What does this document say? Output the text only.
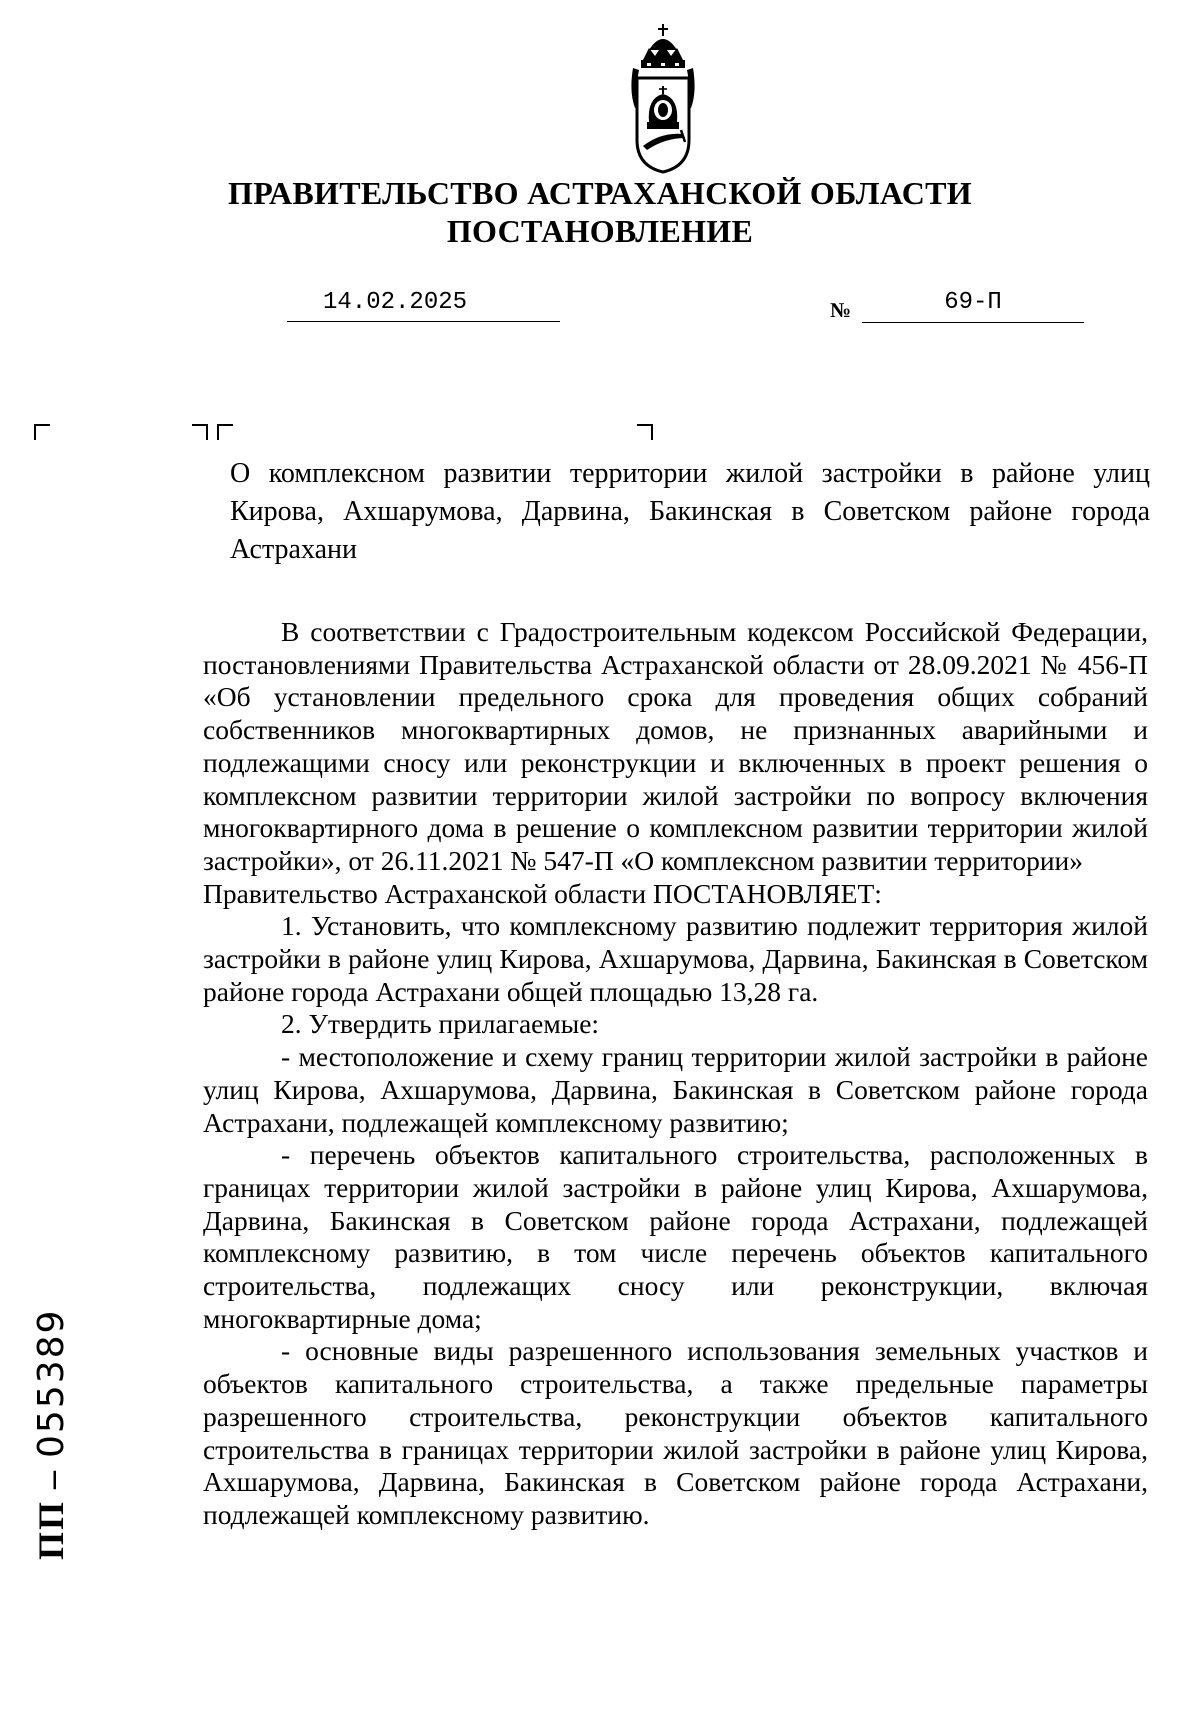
ПРАВИТЕЛЬСТВО АСТРАХАНСКОЙ ОБЛАСТИ
ПОСТАНОВЛЕНИЕ
14.02.2025	№	69-П
О комплексном развитии территории жилой застройки в районе улиц Кирова, Ахшарумова, Дарвина, Бакинская в Советском районе города Астрахани

В соответствии с Градостроительным кодексом Российской Федерации, постановлениями Правительства Астраханской области от 28.09.2021 № 456-П «Об установлении предельного срока для проведения общих собраний собственников многоквартирных домов, не признанных аварийными и подлежащими сносу или реконструкции и включенных в проект решения о комплексном развитии территории жилой застройки по вопросу включения многоквартирного дома в решение о комплексном развитии территории жилой застройки», от 26.11.2021 № 547-П «О комплексном развитии территории»

Правительство Астраханской области ПОСТАНОВЛЯЕТ:

1. Установить, что комплексному развитию подлежит территория жилой застройки в районе улиц Кирова, Ахшарумова, Дарвина, Бакинская в Советском районе города Астрахани общей площадью 13,28 га.

2. Утвердить прилагаемые:

- местоположение и схему границ территории жилой застройки в районе улиц Кирова, Ахшарумова, Дарвина, Бакинская в Советском районе города Астрахани, подлежащей комплексному развитию;

- перечень объектов капитального строительства, расположенных в границах территории жилой застройки в районе улиц Кирова, Ахшарумова, Дарвина, Бакинская в Советском районе города Астрахани, подлежащей комплексному развитию, в том числе перечень объектов капитального строительства, подлежащих сносу или реконструкции, включая многоквартирные дома;

- основные виды разрешенного использования земельных участков и объектов капитального строительства, а также предельные параметры разрешенного строительства, реконструкции объектов капитального строительства в границах территории жилой застройки в районе улиц Кирова, Ахшарумова, Дарвина, Бакинская в Советском районе города Астрахани, подлежащей комплексному развитию.

ПП – 055389
